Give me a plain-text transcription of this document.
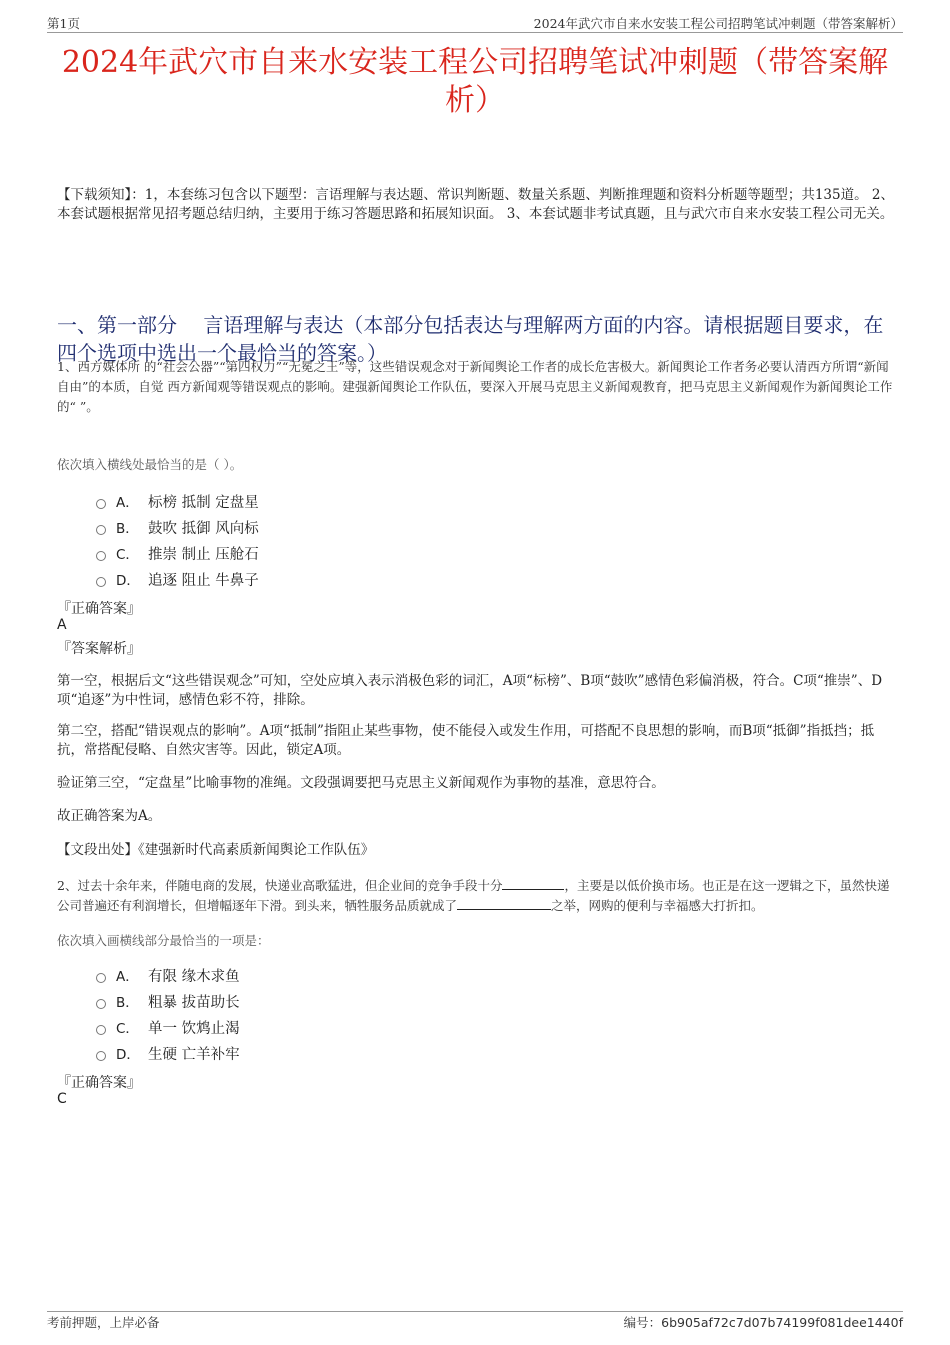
第1页	2024年武穴市自来水安装工程公司招聘笔试冲刺题（带答案解析）
2024年武穴市自来水安装工程公司招聘笔试冲刺题（带答案解析）
【下载须知】：1，本套练习包含以下题型：言语理解与表达题、常识判断题、数量关系题、判断推理题和资料分析题等题型；共135道。 2、本套试题根据常见招考题总结归纳，主要用于练习答题思路和拓展知识面。 3、本套试题非考试真题，且与武穴市自来水安装工程公司无关。
一、第一部分　 言语理解与表达（本部分包括表达与理解两方面的内容。请根据题目要求，在四个选项中选出一个最恰当的答案。）
1、西方媒体所 的“社会公器”“第四权力”“无冕之王”等，这些错误观念对于新闻舆论工作者的成长危害极大。新闻舆论工作者务必要认清西方所谓“新闻自由”的本质，自觉 西方新闻观等错误观点的影响。建强新闻舆论工作队伍，要深入开展马克思主义新闻观教育，把马克思主义新闻观作为新闻舆论工作的“ ”。
依次填入横线处最恰当的是（ ）。
A． 标榜 抵制 定盘星
B． 鼓吹 抵御 风向标
C． 推崇 制止 压舱石
D． 追逐 阻止 牛鼻子
『正确答案』
A
『答案解析』
第一空，根据后文“这些错误观念”可知，空处应填入表示消极色彩的词汇，A项“标榜”、B项“鼓吹”感情色彩偏消极，符合。C项“推崇”、D项“追逐”为中性词，感情色彩不符，排除。
第二空，搭配“错误观点的影响”。A项“抵制”指阻止某些事物，使不能侵入或发生作用，可搭配不良思想的影响，而B项“抵御”指抵挡；抵抗，常搭配侵略、自然灾害等。因此，锁定A项。
验证第三空，“定盘星”比喻事物的准绳。文段强调要把马克思主义新闻观作为事物的基准，意思符合。
故正确答案为A。
【文段出处】《建强新时代高素质新闻舆论工作队伍》
2、过去十余年来，伴随电商的发展，快递业高歌猛进，但企业间的竞争手段十分	，主要是以低价换市场。也正是在这一逻辑之下，虽然快递公司普遍还有利润增长，但增幅逐年下滑。到头来，牺牲服务品质就成了	之举，网购的便利与幸福感大打折扣。
依次填入画横线部分最恰当的一项是：
A． 有限 缘木求鱼
B． 粗暴 拔苗助长
C． 单一 饮鸩止渴
D． 生硬 亡羊补牢
『正确答案』
C
考前押题，上岸必备	编号：6b905af72c7d07b74199f081dee1440f
